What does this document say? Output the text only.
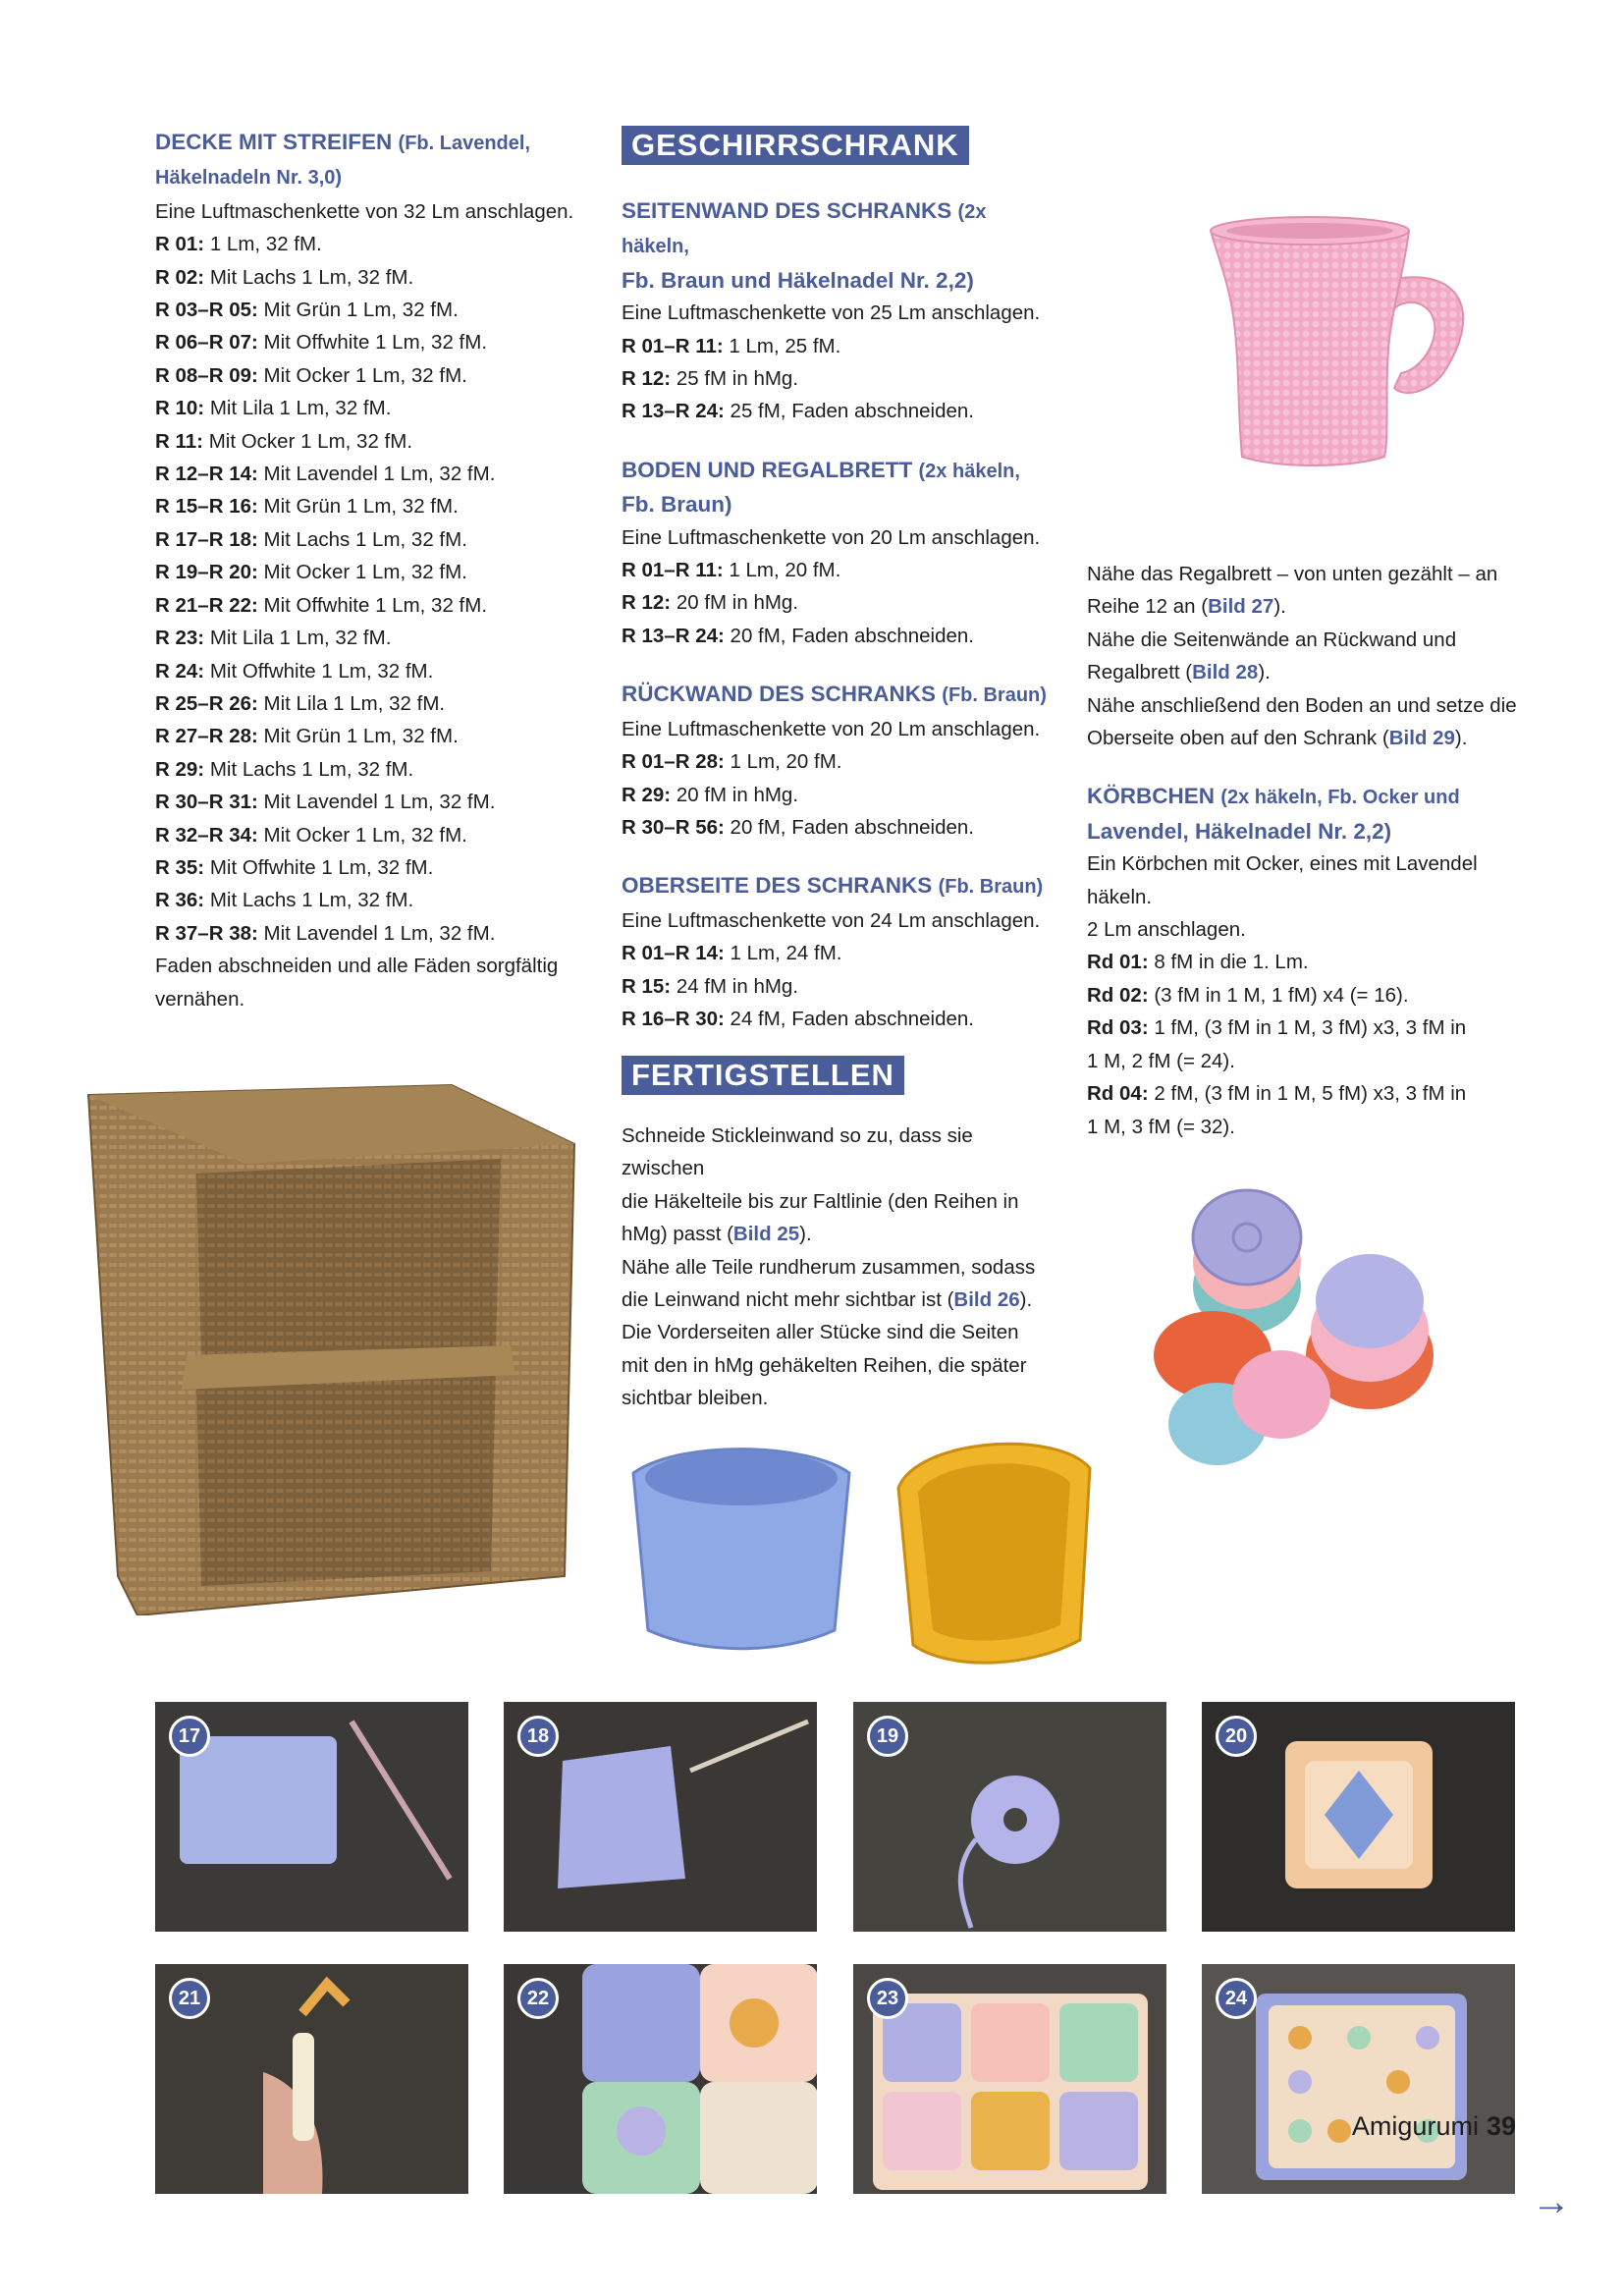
DECKE MIT STREIFEN (Fb. Lavendel, Häkelnadeln Nr. 3,0)

Eine Luftmaschenkette von 32 Lm anschlagen.

R 01: 1 Lm, 32 fM.

R 02: Mit Lachs 1 Lm, 32 fM.

R 03–R 05: Mit Grün 1 Lm, 32 fM.

R 06–R 07: Mit Offwhite 1 Lm, 32 fM.

R 08–R 09: Mit Ocker 1 Lm, 32 fM.

R 10: Mit Lila 1 Lm, 32 fM.

R 11: Mit Ocker 1 Lm, 32 fM.

R 12–R 14: Mit Lavendel 1 Lm, 32 fM.

R 15–R 16: Mit Grün 1 Lm, 32 fM.

R 17–R 18: Mit Lachs 1 Lm, 32 fM.

R 19–R 20: Mit Ocker 1 Lm, 32 fM.

R 21–R 22: Mit Offwhite 1 Lm, 32 fM.

R 23: Mit Lila 1 Lm, 32 fM.

R 24: Mit Offwhite 1 Lm, 32 fM.

R 25–R 26: Mit Lila 1 Lm, 32 fM.

R 27–R 28: Mit Grün 1 Lm, 32 fM.

R 29: Mit Lachs 1 Lm, 32 fM.

R 30–R 31: Mit Lavendel 1 Lm, 32 fM.

R 32–R 34: Mit Ocker 1 Lm, 32 fM.

R 35: Mit Offwhite 1 Lm, 32 fM.

R 36: Mit Lachs 1 Lm, 32 fM.

R 37–R 38: Mit Lavendel 1 Lm, 32 fM.

Faden abschneiden und alle Fäden sorgfältig

vernähen.

GESCHIRRSCHRANK

SEITENWAND DES SCHRANKS (2x häkeln,

Fb. Braun und Häkelnadel Nr. 2,2)

Eine Luftmaschenkette von 25 Lm anschlagen.

R 01–R 11: 1 Lm, 25 fM.

R 12: 25 fM in hMg.

R 13–R 24: 25 fM, Faden abschneiden.

BODEN UND REGALBRETT (2x häkeln,

Fb. Braun)

Eine Luftmaschenkette von 20 Lm anschlagen.

R 01–R 11: 1 Lm, 20 fM.

R 12: 20 fM in hMg.

R 13–R 24: 20 fM, Faden abschneiden.

RÜCKWAND DES SCHRANKS (Fb. Braun)

Eine Luftmaschenkette von 20 Lm anschlagen.

R 01–R 28: 1 Lm, 20 fM.

R 29: 20 fM in hMg.

R 30–R 56: 20 fM, Faden abschneiden.

OBERSEITE DES SCHRANKS (Fb. Braun)

Eine Luftmaschenkette von 24 Lm anschlagen.

R 01–R 14: 1 Lm, 24 fM.

R 15: 24 fM in hMg.

R 16–R 30: 24 fM, Faden abschneiden.

FERTIGSTELLEN

Schneide Stickleinwand so zu, dass sie zwischen

die Häkelteile bis zur Faltlinie (den Reihen in

hMg) passt (Bild 25).

Nähe alle Teile rundherum zusammen, sodass

die Leinwand nicht mehr sichtbar ist (Bild 26).

Die Vorderseiten aller Stücke sind die Seiten

mit den in hMg gehäkelten Reihen, die später

sichtbar bleiben.

Nähe das Regalbrett – von unten gezählt – an

Reihe 12 an (Bild 27).

Nähe die Seitenwände an Rückwand und

Regalbrett (Bild 28).

Nähe anschließend den Boden an und setze die

Oberseite oben auf den Schrank (Bild 29).

KÖRBCHEN (2x häkeln, Fb. Ocker und

Lavendel, Häkelnadel Nr. 2,2)

Ein Körbchen mit Ocker, eines mit Lavendel häkeln.

2 Lm anschlagen.

Rd 01: 8 fM in die 1. Lm.

Rd 02: (3 fM in 1 M, 1 fM) x4 (= 16).

Rd 03: 1 fM, (3 fM in 1 M, 3 fM) x3, 3 fM in

1 M, 2 fM (= 24).

Rd 04: 2 fM, (3 fM in 1 M, 5 fM) x3, 3 fM in

1 M, 3 fM (= 32).

17	18	19	20
21	22	23	24
→
Amigurumi 39
